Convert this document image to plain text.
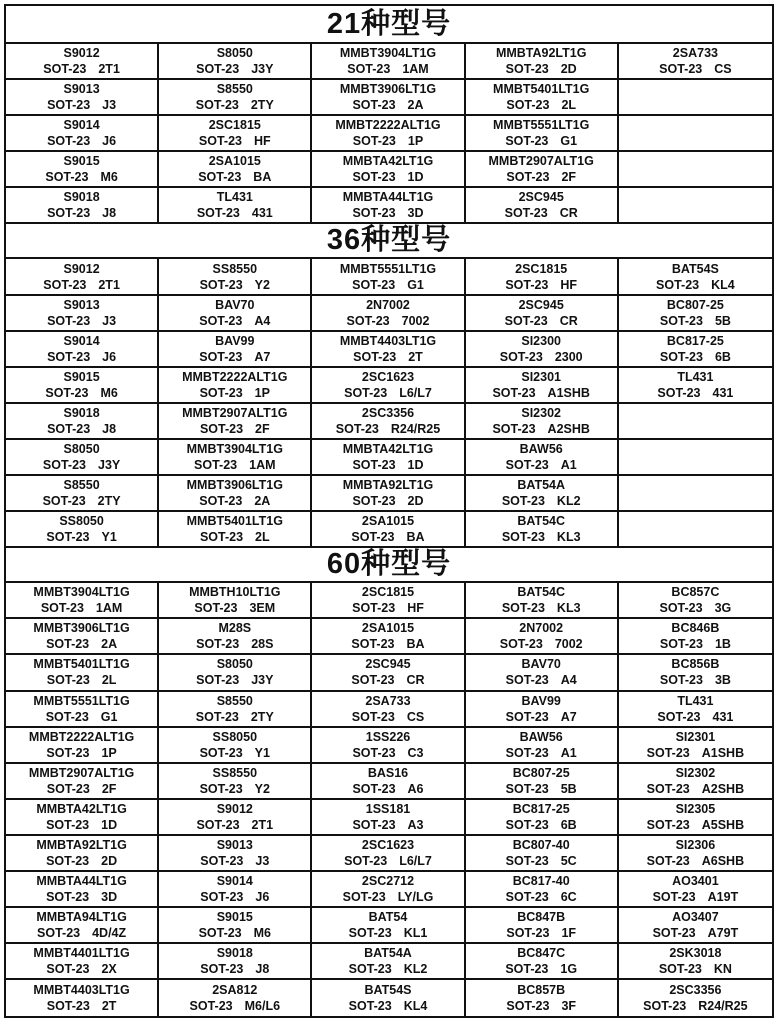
21种型号
S9012
SOT-23 2T1
S8050
SOT-23 J3Y
MMBT3904LT1G
SOT-23 1AM
MMBTA92LT1G
SOT-23 2D
2SA733
SOT-23 CS
S9013
SOT-23 J3
S8550
SOT-23 2TY
MMBT3906LT1G
SOT-23 2A
MMBT5401LT1G
SOT-23 2L
S9014
SOT-23 J6
2SC1815
SOT-23 HF
MMBT2222ALT1G
SOT-23 1P
MMBT5551LT1G
SOT-23 G1
S9015
SOT-23 M6
2SA1015
SOT-23 BA
MMBTA42LT1G
SOT-23 1D
MMBT2907ALT1G
SOT-23 2F
S9018
SOT-23 J8
TL431
SOT-23 431
MMBTA44LT1G
SOT-23 3D
2SC945
SOT-23 CR
36种型号
S9012
SOT-23 2T1
SS8550
SOT-23 Y2
MMBT5551LT1G
SOT-23 G1
2SC1815
SOT-23 HF
BAT54S
SOT-23 KL4
S9013
SOT-23 J3
BAV70
SOT-23 A4
2N7002
SOT-23 7002
2SC945
SOT-23 CR
BC807-25
SOT-23 5B
S9014
SOT-23 J6
BAV99
SOT-23 A7
MMBT4403LT1G
SOT-23 2T
SI2300
SOT-23 2300
BC817-25
SOT-23 6B
S9015
SOT-23 M6
MMBT2222ALT1G
SOT-23 1P
2SC1623
SOT-23 L6/L7
SI2301
SOT-23 A1SHB
TL431
SOT-23 431
S9018
SOT-23 J8
MMBT2907ALT1G
SOT-23 2F
2SC3356
SOT-23 R24/R25
SI2302
SOT-23 A2SHB
S8050
SOT-23 J3Y
MMBT3904LT1G
SOT-23 1AM
MMBTA42LT1G
SOT-23 1D
BAW56
SOT-23 A1
S8550
SOT-23 2TY
MMBT3906LT1G
SOT-23 2A
MMBTA92LT1G
SOT-23 2D
BAT54A
SOT-23 KL2
SS8050
SOT-23 Y1
MMBT5401LT1G
SOT-23 2L
2SA1015
SOT-23 BA
BAT54C
SOT-23 KL3
60种型号
MMBT3904LT1G
SOT-23 1AM
MMBTH10LT1G
SOT-23 3EM
2SC1815
SOT-23 HF
BAT54C
SOT-23 KL3
BC857C
SOT-23 3G
MMBT3906LT1G
SOT-23 2A
M28S
SOT-23 28S
2SA1015
SOT-23 BA
2N7002
SOT-23 7002
BC846B
SOT-23 1B
MMBT5401LT1G
SOT-23 2L
S8050
SOT-23 J3Y
2SC945
SOT-23 CR
BAV70
SOT-23 A4
BC856B
SOT-23 3B
MMBT5551LT1G
SOT-23 G1
S8550
SOT-23 2TY
2SA733
SOT-23 CS
BAV99
SOT-23 A7
TL431
SOT-23 431
MMBT2222ALT1G
SOT-23 1P
SS8050
SOT-23 Y1
1SS226
SOT-23 C3
BAW56
SOT-23 A1
SI2301
SOT-23 A1SHB
MMBT2907ALT1G
SOT-23 2F
SS8550
SOT-23 Y2
BAS16
SOT-23 A6
BC807-25
SOT-23 5B
SI2302
SOT-23 A2SHB
MMBTA42LT1G
SOT-23 1D
S9012
SOT-23 2T1
1SS181
SOT-23 A3
BC817-25
SOT-23 6B
SI2305
SOT-23 A5SHB
MMBTA92LT1G
SOT-23 2D
S9013
SOT-23 J3
2SC1623
SOT-23 L6/L7
BC807-40
SOT-23 5C
SI2306
SOT-23 A6SHB
MMBTA44LT1G
SOT-23 3D
S9014
SOT-23 J6
2SC2712
SOT-23 LY/LG
BC817-40
SOT-23 6C
AO3401
SOT-23 A19T
MMBTA94LT1G
SOT-23 4D/4Z
S9015
SOT-23 M6
BAT54
SOT-23 KL1
BC847B
SOT-23 1F
AO3407
SOT-23 A79T
MMBT4401LT1G
SOT-23 2X
S9018
SOT-23 J8
BAT54A
SOT-23 KL2
BC847C
SOT-23 1G
2SK3018
SOT-23 KN
MMBT4403LT1G
SOT-23 2T
2SA812
SOT-23 M6/L6
BAT54S
SOT-23 KL4
BC857B
SOT-23 3F
2SC3356
SOT-23 R24/R25
